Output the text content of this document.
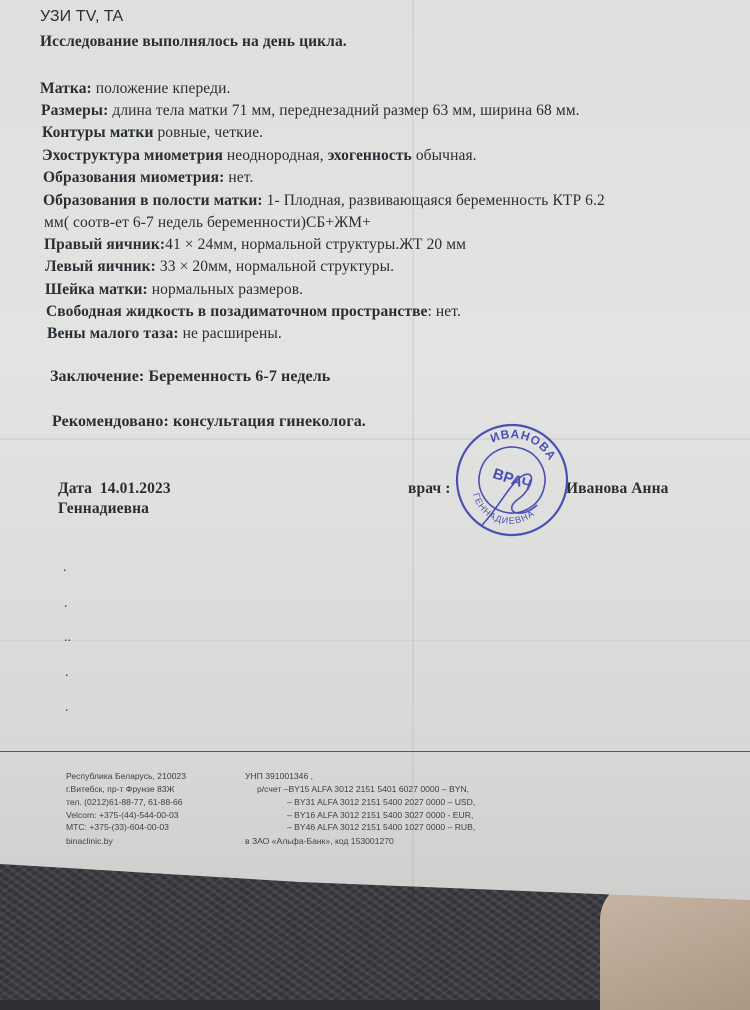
УЗИ TV, TA
Исследование выполнялось на день цикла.
Матка: положение кпереди.
Размеры: длина тела матки 71 мм, переднезадний размер 63 мм, ширина 68 мм.
Контуры матки ровные, четкие.
Эхоструктура миометрия неоднородная, эхогенность обычная.
Образования миометрия: нет.
Образования в полости матки: 1- Плодная, развивающаяся беременность КТР 6.2
мм( соотв-ет 6-7 недель беременности)СБ+ЖМ+
Правый яичник:41 × 24мм, нормальной структуры.ЖТ 20 мм
Левый яичник: 33 × 20мм, нормальной структуры.
Шейка матки: нормальных размеров.
Свободная жидкость в позадиматочном пространстве: нет.
Вены малого таза: не расширены.
Заключение: Беременность 6-7 недель
Рекомендовано: консультация гинеколога.
Дата 14.01.2023
Геннадиевна
врач :	Иванова Анна
ИВАНОВА
ГЕННАДИЕВНА
ВРАЧ
.
.
..
.
.
Республика Беларусь, 210023
г.Витебск, пр-т Фрунзе 83Ж
тел. (0212)61-88-77, 61-88-66
Velcom: +375-(44)-544-00-03
МТС: +375-(33)-604-00-03
binaclinic.by
УНП 391001346 ,
р/счет –BY15 ALFA 3012 2151 5401 6027 0000 – BYN,
– BY31 ALFA 3012 2151 5400 2027 0000 – USD,
– BY16 ALFA 3012 2151 5400 3027 0000 - EUR,
– BY46 ALFA 3012 2151 5400 1027 0000 – RUB,
в ЗАО «Альфа-Банк», код 153001270
